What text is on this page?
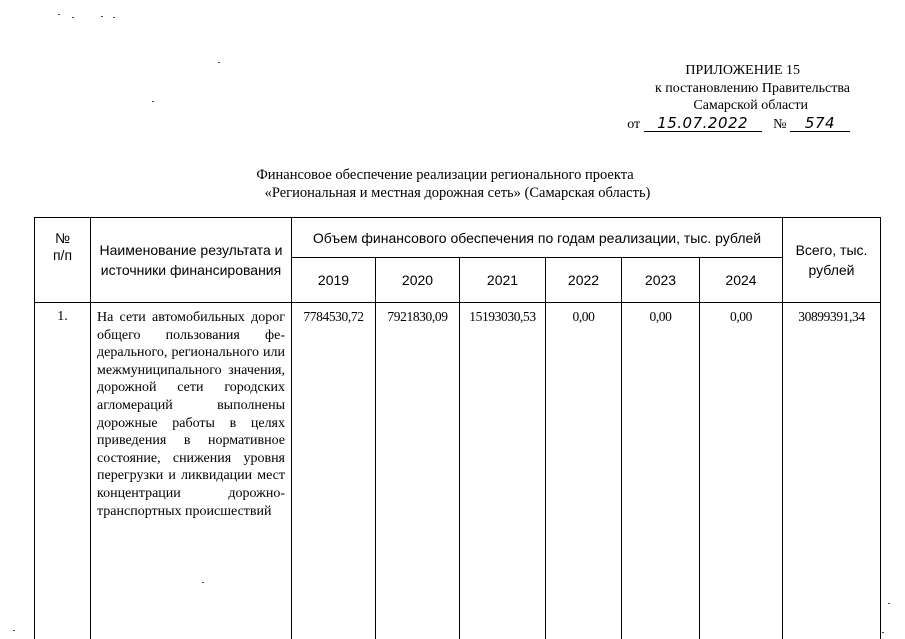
ПРИЛОЖЕНИЕ 15
к постановлению Правительства
Самарской области
от 15.07.2022 № 574
Финансовое обеспечение реализации регионального проекта
«Региональная и местная дорожная сеть» (Самарская область)
№
п/п	Наименование результата и источники финансирования	Объем финансового обеспечения по годам реализации, тыс. рублей						Всего, тыс. рублей
		2019	2020	2021	2022	2023	2024	

1.	На сети автомобильных дорог общего пользования федерального, регионального или межмуниципального значения, дорожной сети городских агломераций выполнены дорожные работы в целях приведения в нормативное состояние, снижения уровня перегрузки и ликвидации мест концентрации дорожно-транспортных происшествий	7784530,72	7921830,09	15193030,53	0,00	0,00	0,00	30899391,34
